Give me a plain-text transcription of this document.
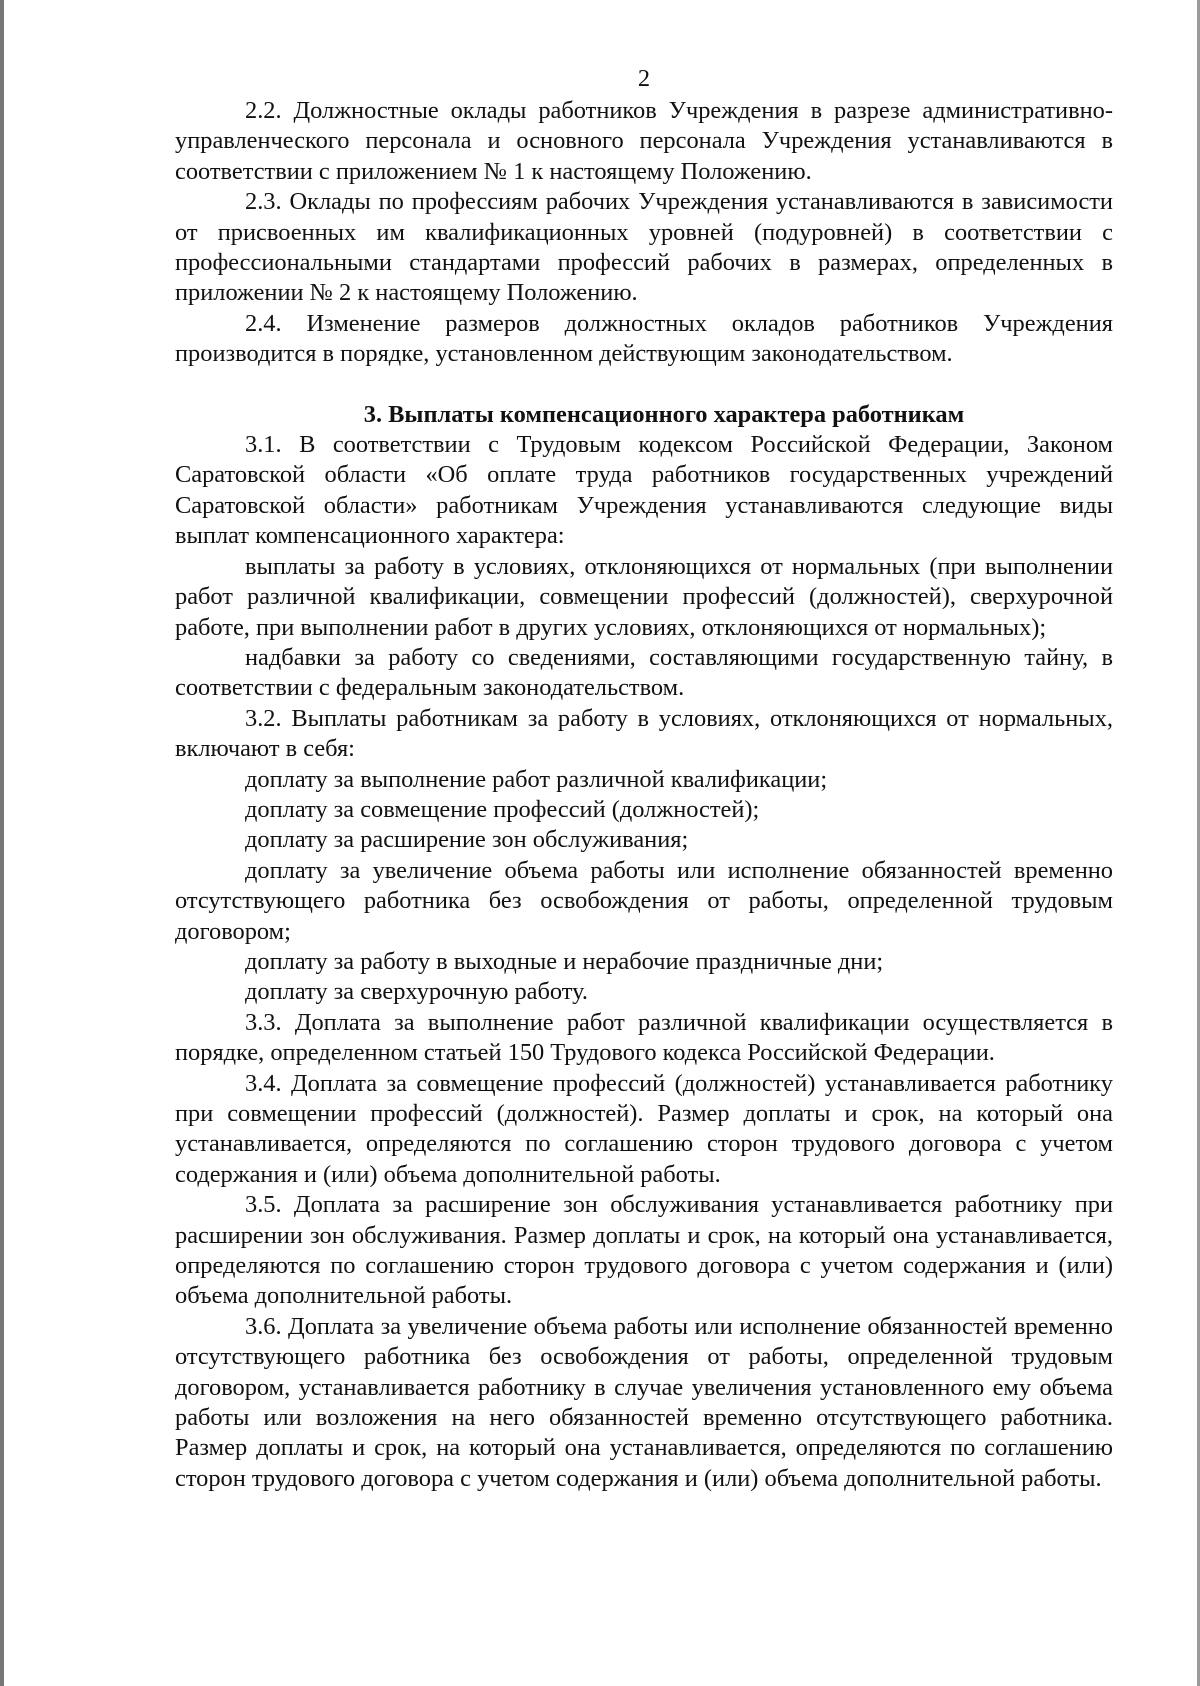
2

2.2. Должностные оклады работников Учреждения в разрезе административно-управленческого персонала и основного персонала Учреждения устанавливаются в соответствии с приложением № 1 к настоящему Положению.

2.3. Оклады по профессиям рабочих Учреждения устанавливаются в зависимости от присвоенных им квалификационных уровней (подуровней) в соответствии с профессиональными стандартами профессий рабочих в размерах, определенных в приложении № 2 к настоящему Положению.

2.4. Изменение размеров должностных окладов работников Учреждения производится в порядке, установленном действующим законодательством.

3. Выплаты компенсационного характера работникам

3.1. В соответствии с Трудовым кодексом Российской Федерации, Законом Саратовской области «Об оплате труда работников государственных учреждений Саратовской области» работникам Учреждения устанавливаются следующие виды выплат компенсационного характера:

выплаты за работу в условиях, отклоняющихся от нормальных (при выполнении работ различной квалификации, совмещении профессий (должностей), сверхурочной работе, при выполнении работ в других условиях, отклоняющихся от нормальных);

надбавки за работу со сведениями, составляющими государственную тайну, в соответствии с федеральным законодательством.

3.2. Выплаты работникам за работу в условиях, отклоняющихся от нормальных, включают в себя:

доплату за выполнение работ различной квалификации;

доплату за совмещение профессий (должностей);

доплату за расширение зон обслуживания;

доплату за увеличение объема работы или исполнение обязанностей временно отсутствующего работника без освобождения от работы, определенной трудовым договором;

доплату за работу в выходные и нерабочие праздничные дни;

доплату за сверхурочную работу.

3.3. Доплата за выполнение работ различной квалификации осуществляется в порядке, определенном статьей 150 Трудового кодекса Российской Федерации.

3.4. Доплата за совмещение профессий (должностей) устанавливается работнику при совмещении профессий (должностей). Размер доплаты и срок, на который она устанавливается, определяются по соглашению сторон трудового договора с учетом содержания и (или) объема дополнительной работы.

3.5. Доплата за расширение зон обслуживания устанавливается работнику при расширении зон обслуживания. Размер доплаты и срок, на который она устанавливается, определяются по соглашению сторон трудового договора с учетом содержания и (или) объема дополнительной работы.

3.6. Доплата за увеличение объема работы или исполнение обязанностей временно отсутствующего работника без освобождения от работы, определенной трудовым договором, устанавливается работнику в случае увеличения установленного ему объема работы или возложения на него обязанностей временно отсутствующего работника. Размер доплаты и срок, на который она устанавливается, определяются по соглашению сторон трудового договора с учетом содержания и (или) объема дополнительной работы.
